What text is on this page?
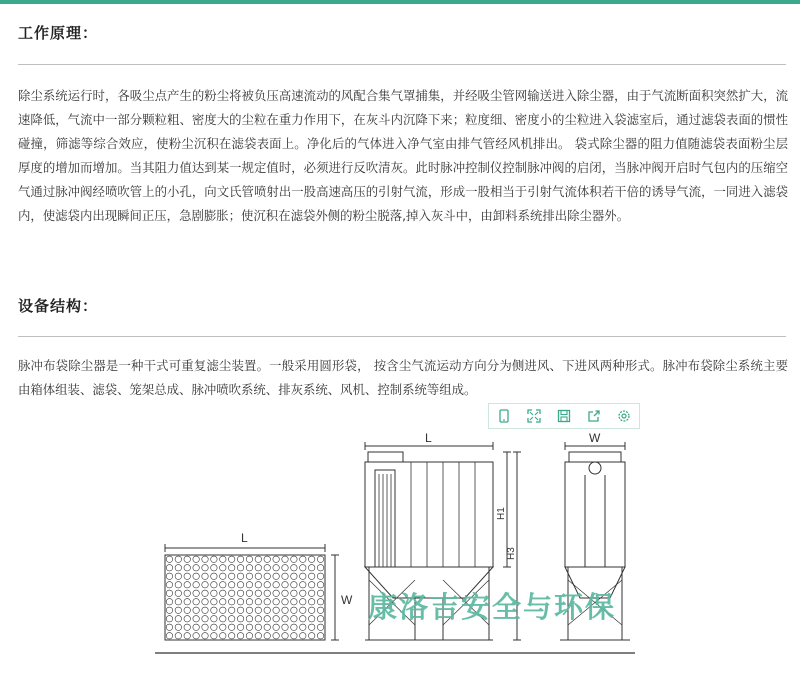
工作原理：
除尘系统运行时，各吸尘点产生的粉尘将被负压高速流动的风配合集气罩捕集，并经吸尘管网输送进入除尘器，由于气流断面积突然扩大，流速降低，气流中一部分颗粒粗、密度大的尘粒在重力作用下，在灰斗内沉降下来；粒度细、密度小的尘粒进入袋滤室后，通过滤袋表面的惯性碰撞，筛滤等综合效应，使粉尘沉积在滤袋表面上。净化后的气体进入净气室由排气管经风机排出。 袋式除尘器的阻力值随滤袋表面粉尘层厚度的增加而增加。当其阻力值达到某一规定值时，必须进行反吹清灰。此时脉冲控制仪控制脉冲阀的启闭，当脉冲阀开启时气包内的压缩空气通过脉冲阀经喷吹管上的小孔，向文氏管喷射出一股高速高压的引射气流，形成一股相当于引射气流体积若干倍的诱导气流，一同进入滤袋内，使滤袋内出现瞬间正压，急剧膨胀；使沉积在滤袋外侧的粉尘脱落,掉入灰斗中，由卸料系统排出除尘器外。
设备结构：
脉冲布袋除尘器是一种干式可重复滤尘装置。一般采用圆形袋， 按含尘气流运动方向分为侧进风、下进风两种形式。脉冲布袋除尘系统主要由箱体组装、滤袋、笼架总成、脉冲喷吹系统、排灰系统、风机、控制系统等组成。
L
W
L	W
H1
H3
康洛吉安全与环保
